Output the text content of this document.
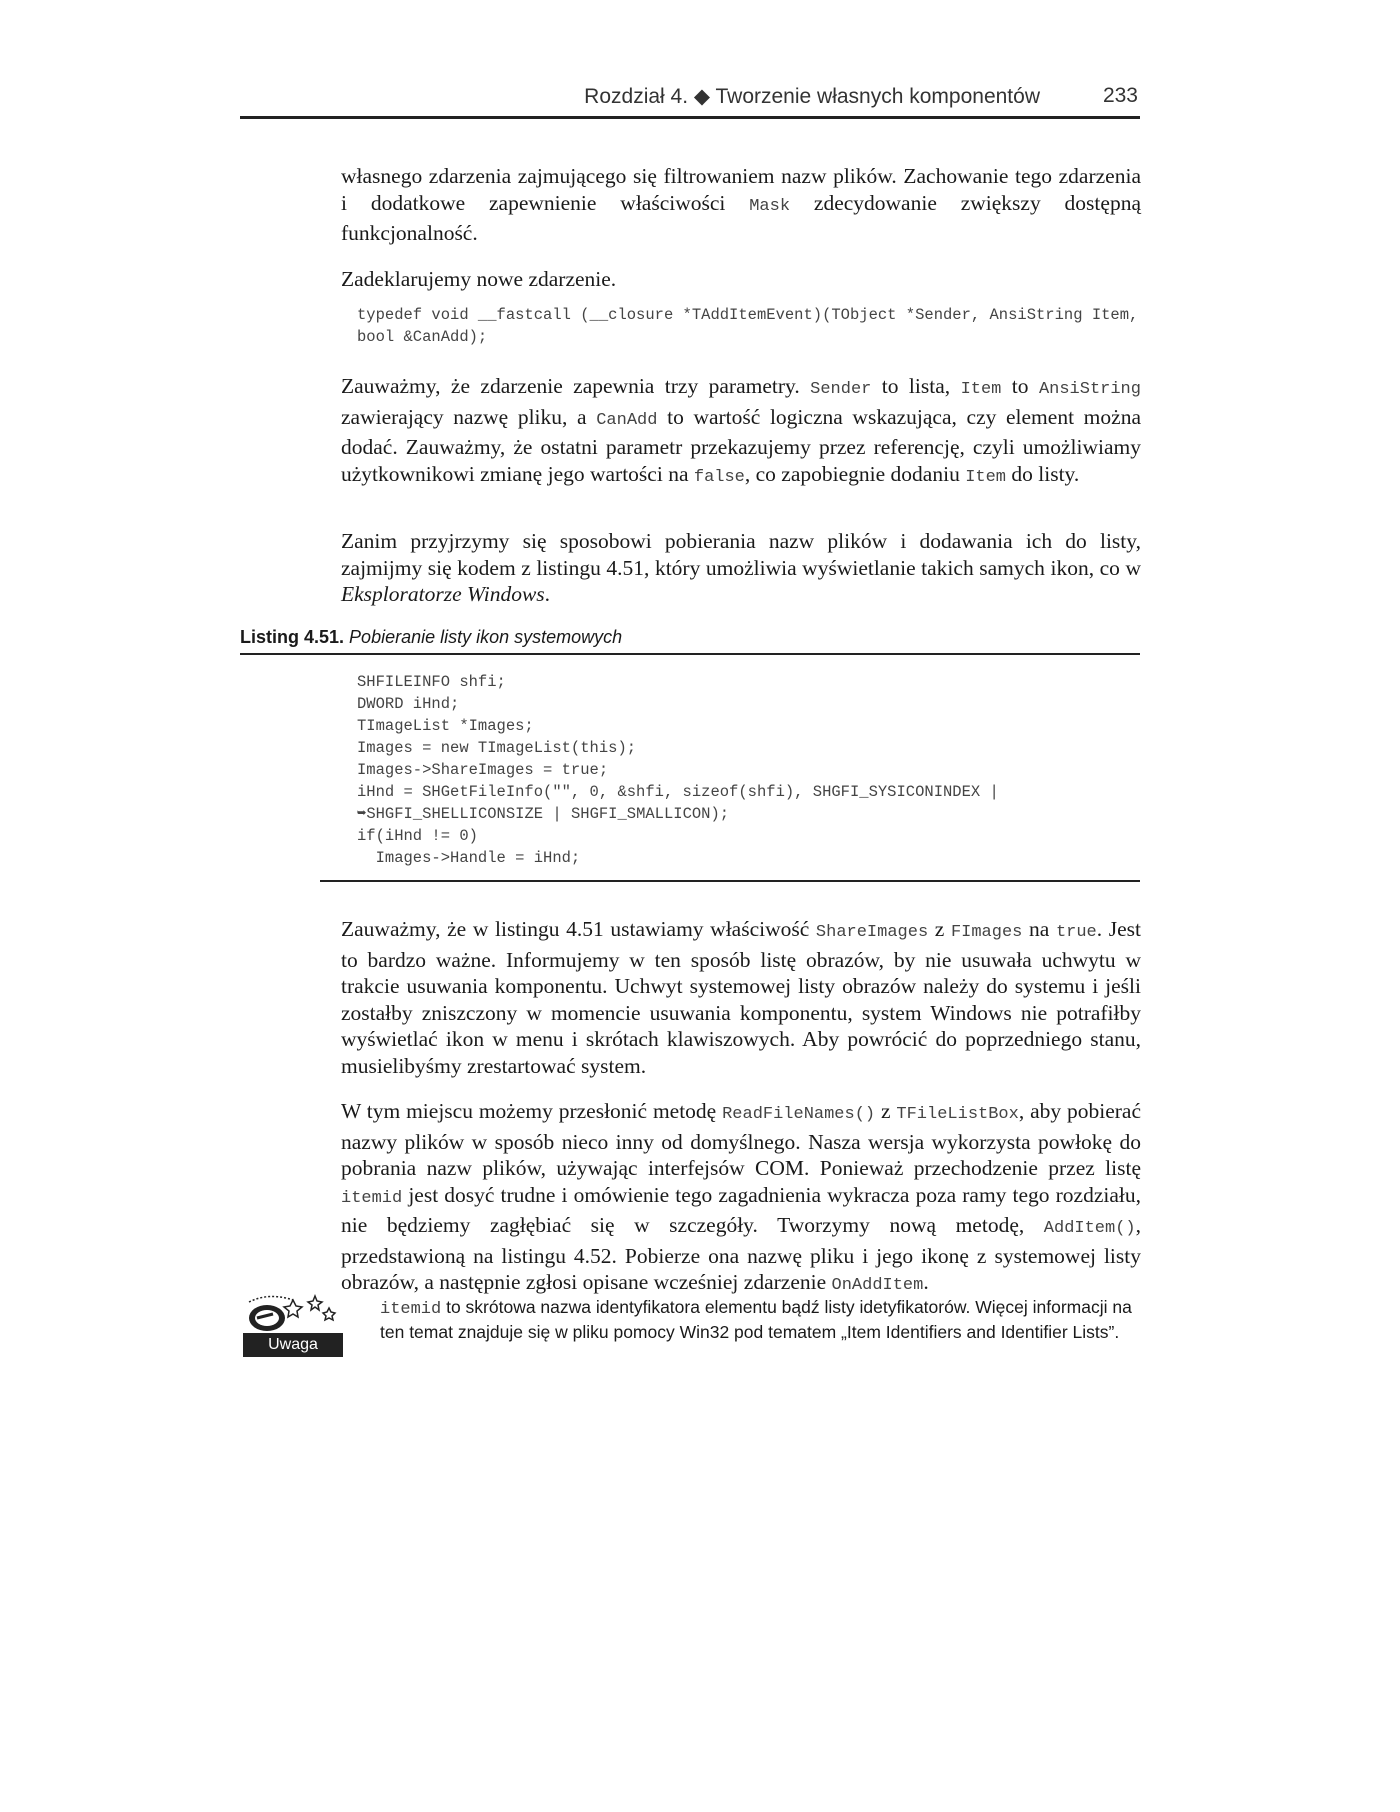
Rozdział 4. ◆ Tworzenie własnych komponentów	233

własnego zdarzenia zajmującego się filtrowaniem nazw plików. Zachowanie tego zdarzenia i dodatkowe zapewnienie właściwości Mask zdecydowanie zwiększy dostępną funkcjonalność.

Zadeklarujemy nowe zdarzenie.

typedef void __fastcall (__closure *TAddItemEvent)(TObject *Sender, AnsiString Item,
bool &CanAdd);

Zauważmy, że zdarzenie zapewnia trzy parametry. Sender to lista, Item to AnsiString zawierający nazwę pliku, a CanAdd to wartość logiczna wskazująca, czy element można dodać. Zauważmy, że ostatni parametr przekazujemy przez referencję, czyli umożliwiamy użytkownikowi zmianę jego wartości na false, co zapobiegnie dodaniu Item do listy.

Zanim przyjrzymy się sposobowi pobierania nazw plików i dodawania ich do listy, zajmijmy się kodem z listingu 4.51, który umożliwia wyświetlanie takich samych ikon, co w Eksploratorze Windows.

Listing 4.51. Pobieranie listy ikon systemowych
SHFILEINFO shfi;
DWORD iHnd;
TImageList *Images;
Images = new TImageList(this);
Images->ShareImages = true;
iHnd = SHGetFileInfo("", 0, &shfi, sizeof(shfi), SHGFI_SYSICONINDEX |
➥SHGFI_SHELLICONSIZE | SHGFI_SMALLICON);
if(iHnd != 0)
Images->Handle = iHnd;

Zauważmy, że w listingu 4.51 ustawiamy właściwość ShareImages z FImages na true. Jest to bardzo ważne. Informujemy w ten sposób listę obrazów, by nie usuwała uchwytu w trakcie usuwania komponentu. Uchwyt systemowej listy obrazów należy do systemu i jeśli zostałby zniszczony w momencie usuwania komponentu, system Windows nie potrafiłby wyświetlać ikon w menu i skrótach klawiszowych. Aby powrócić do poprzedniego stanu, musielibyśmy zrestartować system.

W tym miejscu możemy przesłonić metodę ReadFileNames() z TFileListBox, aby pobierać nazwy plików w sposób nieco inny od domyślnego. Nasza wersja wykorzysta powłokę do pobrania nazw plików, używając interfejsów COM. Ponieważ przechodzenie przez listę itemid jest dosyć trudne i omówienie tego zagadnienia wykracza poza ramy tego rozdziału, nie będziemy zagłębiać się w szczegóły. Tworzymy nową metodę, AddItem(), przedstawioną na listingu 4.52. Pobierze ona nazwę pliku i jego ikonę z systemowej listy obrazów, a następnie zgłosi opisane wcześniej zdarzenie OnAddItem.

Uwaga

itemid to skrótowa nazwa identyfikatora elementu bądź listy idetyfikatorów. Więcej informacji na ten temat znajduje się w pliku pomocy Win32 pod tematem „Item Identifiers and Identifier Lists”.
